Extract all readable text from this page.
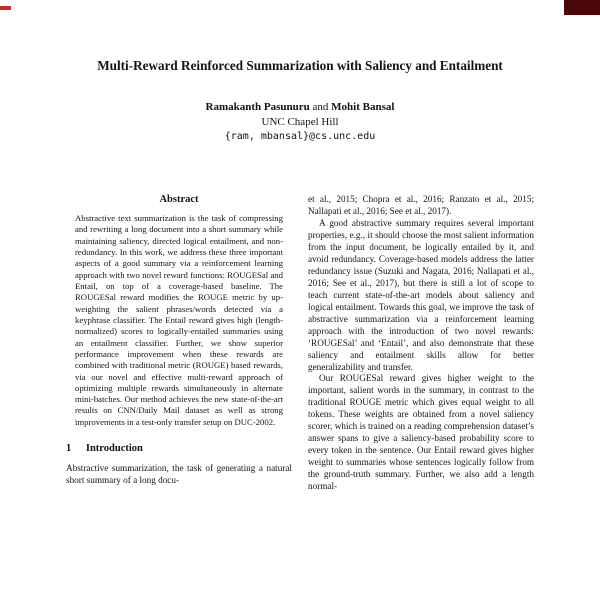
Multi-Reward Reinforced Summarization with Saliency and Entailment
Ramakanth Pasunuru and Mohit Bansal
UNC Chapel Hill
{ram, mbansal}@cs.unc.edu
Abstract

Abstractive text summarization is the task of compressing and rewriting a long document into a short summary while maintaining saliency, directed logical entailment, and non-redundancy. In this work, we address these three important aspects of a good summary via a reinforcement learning approach with two novel reward functions: ROUGESal and Entail, on top of a coverage-based baseline. The ROUGESal reward modifies the ROUGE metric by up-weighting the salient phrases/words detected via a keyphrase classifier. The Entail reward gives high (length-normalized) scores to logically-entailed summaries using an entailment classifier. Further, we show superior performance improvement when these rewards are combined with traditional metric (ROUGE) based rewards, via our novel and effective multi-reward approach of optimizing multiple rewards simultaneously in alternate mini-batches. Our method achieves the new state-of-the-art results on CNN/Daily Mail dataset as well as strong improvements in a test-only transfer setup on DUC-2002.

1 Introduction

Abstractive summarization, the task of generating a natural short summary of a long docu-

et al., 2015; Chopra et al., 2016; Ranzato et al., 2015; Nallapati et al., 2016; See et al., 2017).

A good abstractive summary requires several important properties, e.g., it should choose the most salient information from the input document, be logically entailed by it, and avoid redundancy. Coverage-based models address the latter redundancy issue (Suzuki and Nagata, 2016; Nallapati et al., 2016; See et al., 2017), but there is still a lot of scope to teach current state-of-the-art models about saliency and logical entailment. Towards this goal, we improve the task of abstractive summarization via a reinforcement learning approach with the introduction of two novel rewards: ‘ROUGESal’ and ‘Entail’, and also demonstrate that these saliency and entailment skills allow for better generalizability and transfer.

Our ROUGESal reward gives higher weight to the important, salient words in the summary, in contrast to the traditional ROUGE metric which gives equal weight to all tokens. These weights are obtained from a novel saliency scorer, which is trained on a reading comprehension dataset’s answer spans to give a saliency-based probability score to every token in the sentence. Our Entail reward gives higher weight to summaries whose sentences logically follow from the ground-truth summary. Further, we also add a length normal-
